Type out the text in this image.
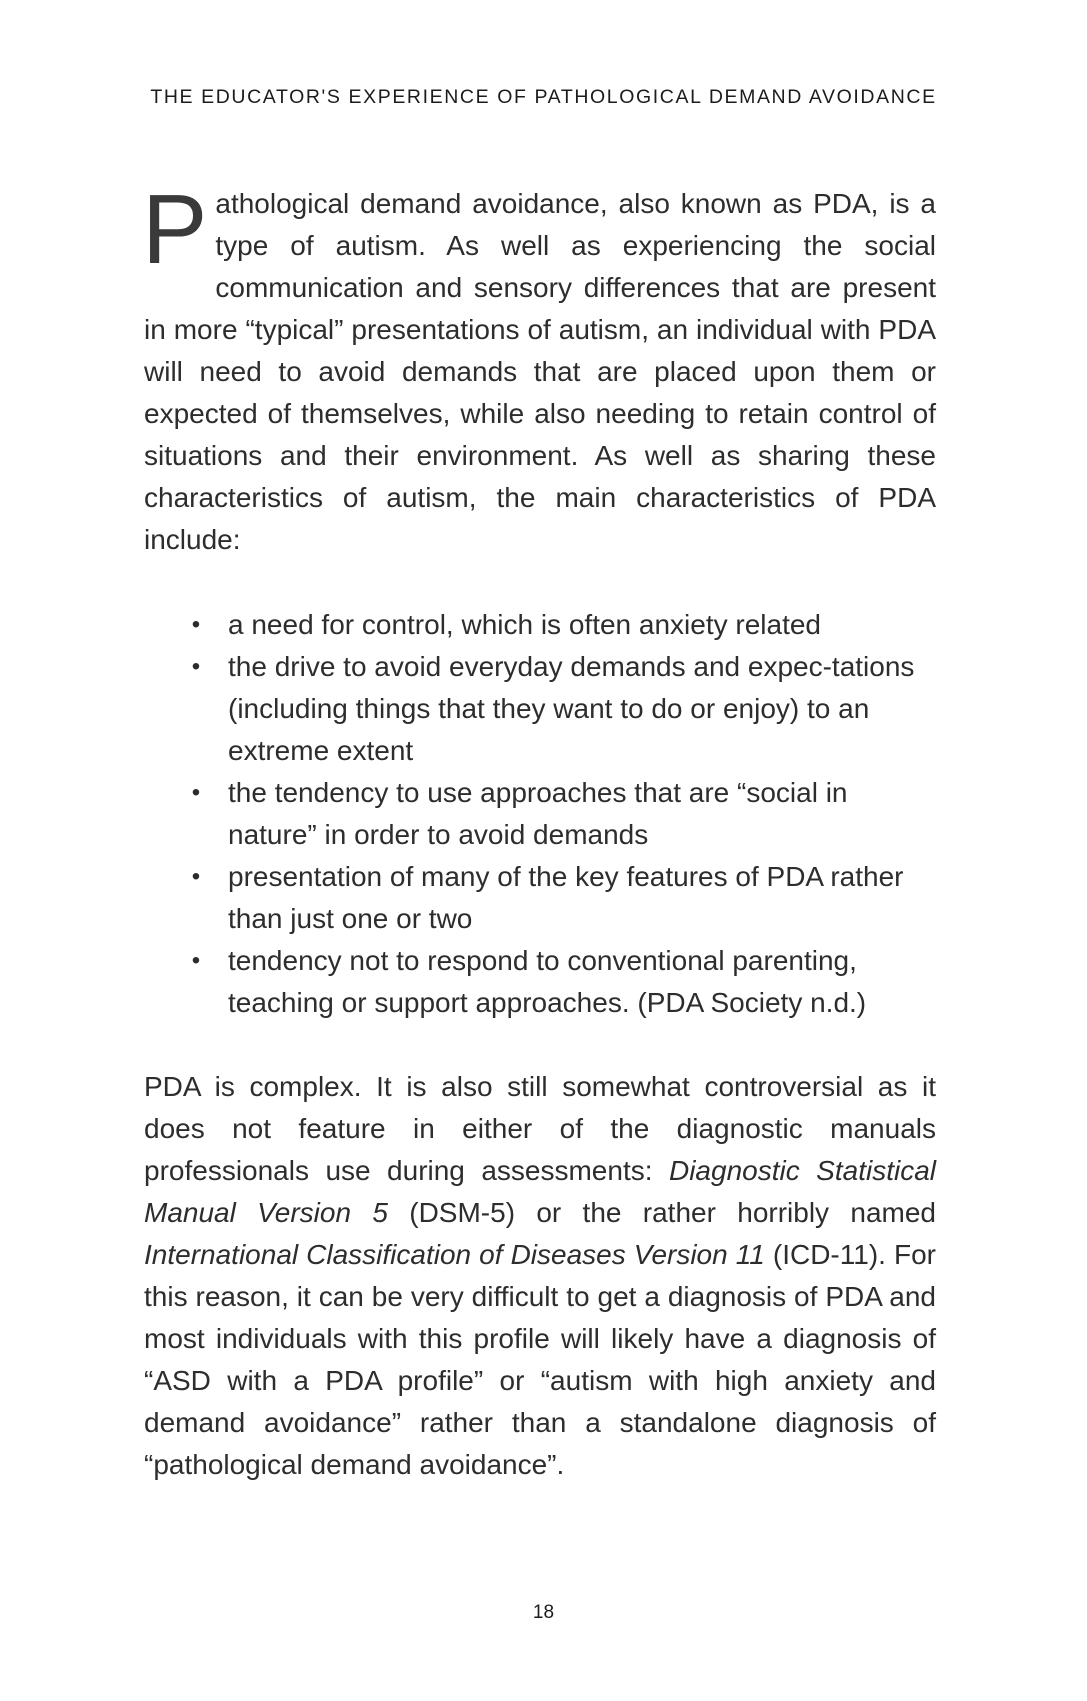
THE EDUCATOR'S EXPERIENCE OF PATHOLOGICAL DEMAND AVOIDANCE
Pathological demand avoidance, also known as PDA, is a type of autism. As well as experiencing the social communication and sensory differences that are present in more “typical” presentations of autism, an individual with PDA will need to avoid demands that are placed upon them or expected of themselves, while also needing to retain control of situations and their environment. As well as sharing these characteristics of autism, the main characteristics of PDA include:
• a need for control, which is often anxiety related
• the drive to avoid everyday demands and expec-tations (including things that they want to do or enjoy) to an extreme extent
• the tendency to use approaches that are “social in nature” in order to avoid demands
• presentation of many of the key features of PDA rather than just one or two
• tendency not to respond to conventional parenting, teaching or support approaches. (PDA Society n.d.)
PDA is complex. It is also still somewhat controversial as it does not feature in either of the diagnostic manuals professionals use during assessments: Diagnostic Statistical Manual Version 5 (DSM-5) or the rather horribly named International Classification of Diseases Version 11 (ICD-11). For this reason, it can be very difficult to get a diagnosis of PDA and most individuals with this profile will likely have a diagnosis of “ASD with a PDA profile” or “autism with high anxiety and demand avoidance” rather than a standalone diagnosis of “pathological demand avoidance”.
18
